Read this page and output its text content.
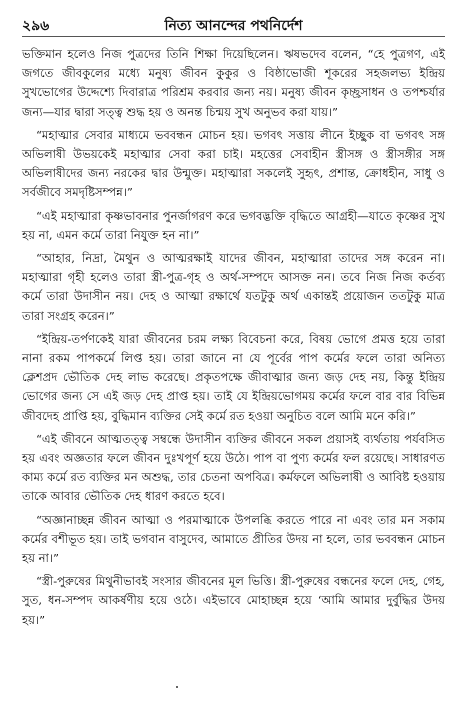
২৯৬	নিত্য আনন্দের পথনির্দেশ

ভক্তিমান হলেও নিজ পুত্রদের তিনি শিক্ষা দিয়েছিলেন। ঋষভদেব বলেন, “হে পুত্রগণ, এই জগতে জীবকুলের মধ্যে মনুষ্য জীবন কুকুর ও বিষ্ঠাভোজী শূকরের সহজলভ্য ইন্দ্রিয় সুখভোগের উদ্দেশ্যে দিবারাত্র পরিশ্রম করবার জন্য নয়। মনুষ্য জীবন কৃচ্ছ্রসাধন ও তপশ্চর্যার জন্য—যার দ্বারা সত্ত্ব শুদ্ধ হয় ও অনন্ত চিন্ময় সুখ অনুভব করা যায়।”

“মহাত্মার সেবার মাধ্যমে ভববন্ধন মোচন হয়। ভগবৎ সত্তায় লীনে ইচ্ছুক বা ভগবৎ সঙ্গ অভিলাষী উভয়কেই মহাত্মার সেবা করা চাই। মহত্তের সেবাহীন স্ত্রীসঙ্গ ও স্ত্রীসঙ্গীর সঙ্গ অভিলাষীদের জন্য নরকের দ্বার উন্মুক্ত। মহাত্মারা সকলেই সুহৃৎ, প্রশান্ত, ক্রোধহীন, সাধু ও সর্বজীবে সমদৃষ্টিসম্পন্ন।”

“এই মহাত্মারা কৃষ্ণভাবনার পুনর্জাগরণ করে ভগবদ্ভক্তি বৃদ্ধিতে আগ্রহী—যাতে কৃষ্ণের সুখ হয় না, এমন কর্মে তারা নিযুক্ত হন না।”

“আহার, নিদ্রা, মৈথুন ও আত্মরক্ষাই যাদের জীবন, মহাত্মারা তাদের সঙ্গ করেন না। মহাত্মারা গৃহী হলেও তারা স্ত্রী-পুত্র-গৃহ ও অর্থ-সম্পদে আসক্ত নন। তবে নিজ নিজ কর্তব্য কর্মে তারা উদাসীন নয়। দেহ ও আত্মা রক্ষার্থে যতটুকু অর্থ একান্তই প্রয়োজন ততটুকু মাত্র তারা সংগ্রহ করেন।”

“ইন্দ্রিয়-তর্পণকেই যারা জীবনের চরম লক্ষ্য বিবেচনা করে, বিষয় ভোগে প্রমত্ত হয়ে তারা নানা রকম পাপকর্মে লিপ্ত হয়। তারা জানে না যে পূর্বের পাপ কর্মের ফলে তারা অনিত্য ক্লেশপ্রদ ভৌতিক দেহ লাভ করেছে। প্রকৃতপক্ষে জীবাত্মার জন্য জড় দেহ নয়, কিন্তু ইন্দ্রিয় ভোগের জন্য সে এই জড় দেহ প্রাপ্ত হয়। তাই যে ইন্দ্রিয়ভোগময় কর্মের ফলে বার বার বিভিন্ন জীবদেহ প্রাপ্তি হয়, বুদ্ধিমান ব্যক্তির সেই কর্মে রত হওয়া অনুচিত বলে আমি মনে করি।”

“এই জীবনে আত্মতত্ত্ব সম্বন্ধে উদাসীন ব্যক্তির জীবনে সকল প্রয়াসই ব্যর্থতায় পর্যবসিত হয় এবং অজ্ঞতার ফলে জীবন দুঃখপূর্ণ হয়ে উঠে। পাপ বা পুণ্য কর্মের ফল রয়েছে। সাধারণত কাম্য কর্মে রত ব্যক্তির মন অশুদ্ধ, তার চেতনা অপবিত্র। কর্মফলে অভিলাষী ও আবিষ্ট হওয়ায় তাকে আবার ভৌতিক দেহ ধারণ করতে হবে।

“অজ্ঞানাচ্ছন্ন জীবন আত্মা ও পরমাত্মাকে উপলব্ধি করতে পারে না এবং তার মন সকাম কর্মের বশীভূত হয়। তাই ভগবান বাসুদেব, আমাতে প্রীতির উদয় না হলে, তার ভববন্ধন মোচন হয় না।”

“স্ত্রী-পুরুষের মিথুনীভাবই সংসার জীবনের মূল ভিত্তি। স্ত্রী-পুরুষের বন্ধনের ফলে দেহ, গেহ, সুত, ধন-সম্পদ আকর্ষণীয় হয়ে ওঠে। এইভাবে মোহাচ্ছন্ন হয়ে ‘আমি আমার দুর্বুদ্ধির উদয় হয়।”
